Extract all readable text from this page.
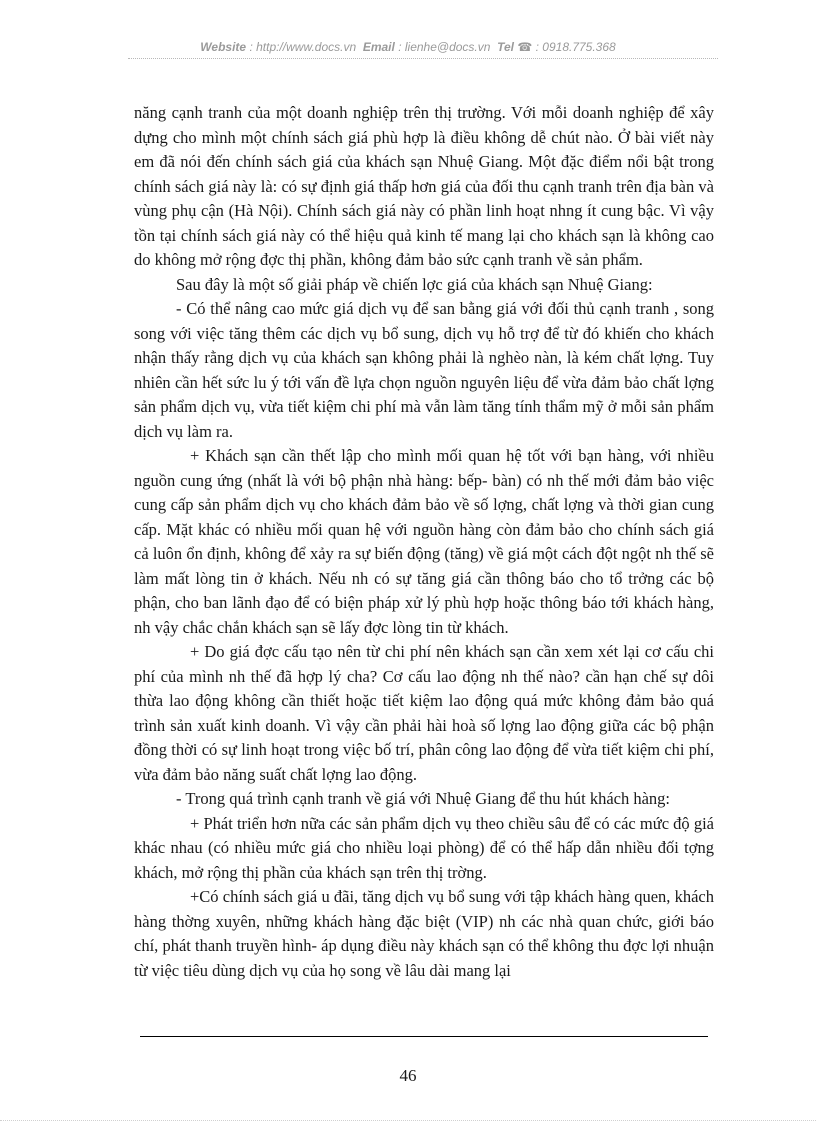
Website : http://www.docs.vn Email : lienhe@docs.vn Tel ☎ : 0918.775.368

năng cạnh tranh của một doanh nghiệp trên thị trường. Với mỗi doanh nghiệp để xây dựng cho mình một chính sách giá phù hợp là điều không dễ chút nào. Ở bài viết này em đã nói đến chính sách giá của khách sạn Nhuệ Giang. Một đặc điểm nổi bật trong chính sách giá này là: có sự định giá thấp hơn giá của đối thu cạnh tranh trên địa bàn và vùng phụ cận (Hà Nội). Chính sách giá này có phần linh hoạt nhng ít cung bậc. Vì vậy tồn tại chính sách giá này có thể hiệu quả kinh tế mang lại cho khách sạn là không cao do không mở rộng đợc thị phần, không đảm bảo sức cạnh tranh về sản phẩm.

Sau đây là một số giải pháp về chiến lợc giá của khách sạn Nhuệ Giang:

- Có thể nâng cao mức giá dịch vụ để san bằng giá với đối thủ cạnh tranh , song song với việc tăng thêm các dịch vụ bổ sung, dịch vụ hỗ trợ để từ đó khiến cho khách nhận thấy rằng dịch vụ của khách sạn không phải là nghèo nàn, là kém chất lợng. Tuy nhiên cần hết sức lu ý tới vấn đề lựa chọn nguồn nguyên liệu để vừa đảm bảo chất lợng sản phẩm dịch vụ, vừa tiết kiệm chi phí mà vẫn làm tăng tính thẩm mỹ ở mỗi sản phẩm dịch vụ làm ra.

+ Khách sạn cần thết lập cho mình mối quan hệ tốt với bạn hàng, với nhiều nguồn cung ứng (nhất là với bộ phận nhà hàng: bếp- bàn) có nh thế mới đảm bảo việc cung cấp sản phẩm dịch vụ cho khách đảm bảo về số lợng, chất lợng và thời gian cung cấp. Mặt khác có nhiều mối quan hệ với nguồn hàng còn đảm bảo cho chính sách giá cả luôn ổn định, không để xảy ra sự biến động (tăng) về giá một cách đột ngột nh thế sẽ làm mất lòng tin ở khách. Nếu nh có sự tăng giá cần thông báo cho tổ trởng các bộ phận, cho ban lãnh đạo để có biện pháp xử lý phù hợp hoặc thông báo tới khách hàng, nh vậy chắc chắn khách sạn sẽ lấy đợc lòng tin từ khách.

+ Do giá đợc cấu tạo nên từ chi phí nên khách sạn cần xem xét lại cơ cấu chi phí của mình nh thế đã hợp lý cha? Cơ cấu lao động nh thế nào? cần hạn chế sự dôi thừa lao động không cần thiết hoặc tiết kiệm lao động quá mức không đảm bảo quá trình sản xuất kinh doanh. Vì vậy cần phải hài hoà số lợng lao động giữa các bộ phận đồng thời có sự linh hoạt trong việc bố trí, phân công lao động để vừa tiết kiệm chi phí, vừa đảm bảo năng suất chất lợng lao động.

- Trong quá trình cạnh tranh về giá với Nhuệ Giang để thu hút khách hàng:

+ Phát triển hơn nữa các sản phẩm dịch vụ theo chiều sâu để có các mức độ giá khác nhau (có nhiều mức giá cho nhiều loại phòng) để có thể hấp dẫn nhiều đối tợng khách, mở rộng thị phần của khách sạn trên thị trờng.

+Có chính sách giá u đãi, tăng dịch vụ bổ sung với tập khách hàng quen, khách hàng thờng xuyên, những khách hàng đặc biệt (VIP) nh các nhà quan chức, giới báo chí, phát thanh truyền hình- áp dụng điều này khách sạn có thể không thu đợc lợi nhuận từ việc tiêu dùng dịch vụ của họ song về lâu dài mang lại

46
